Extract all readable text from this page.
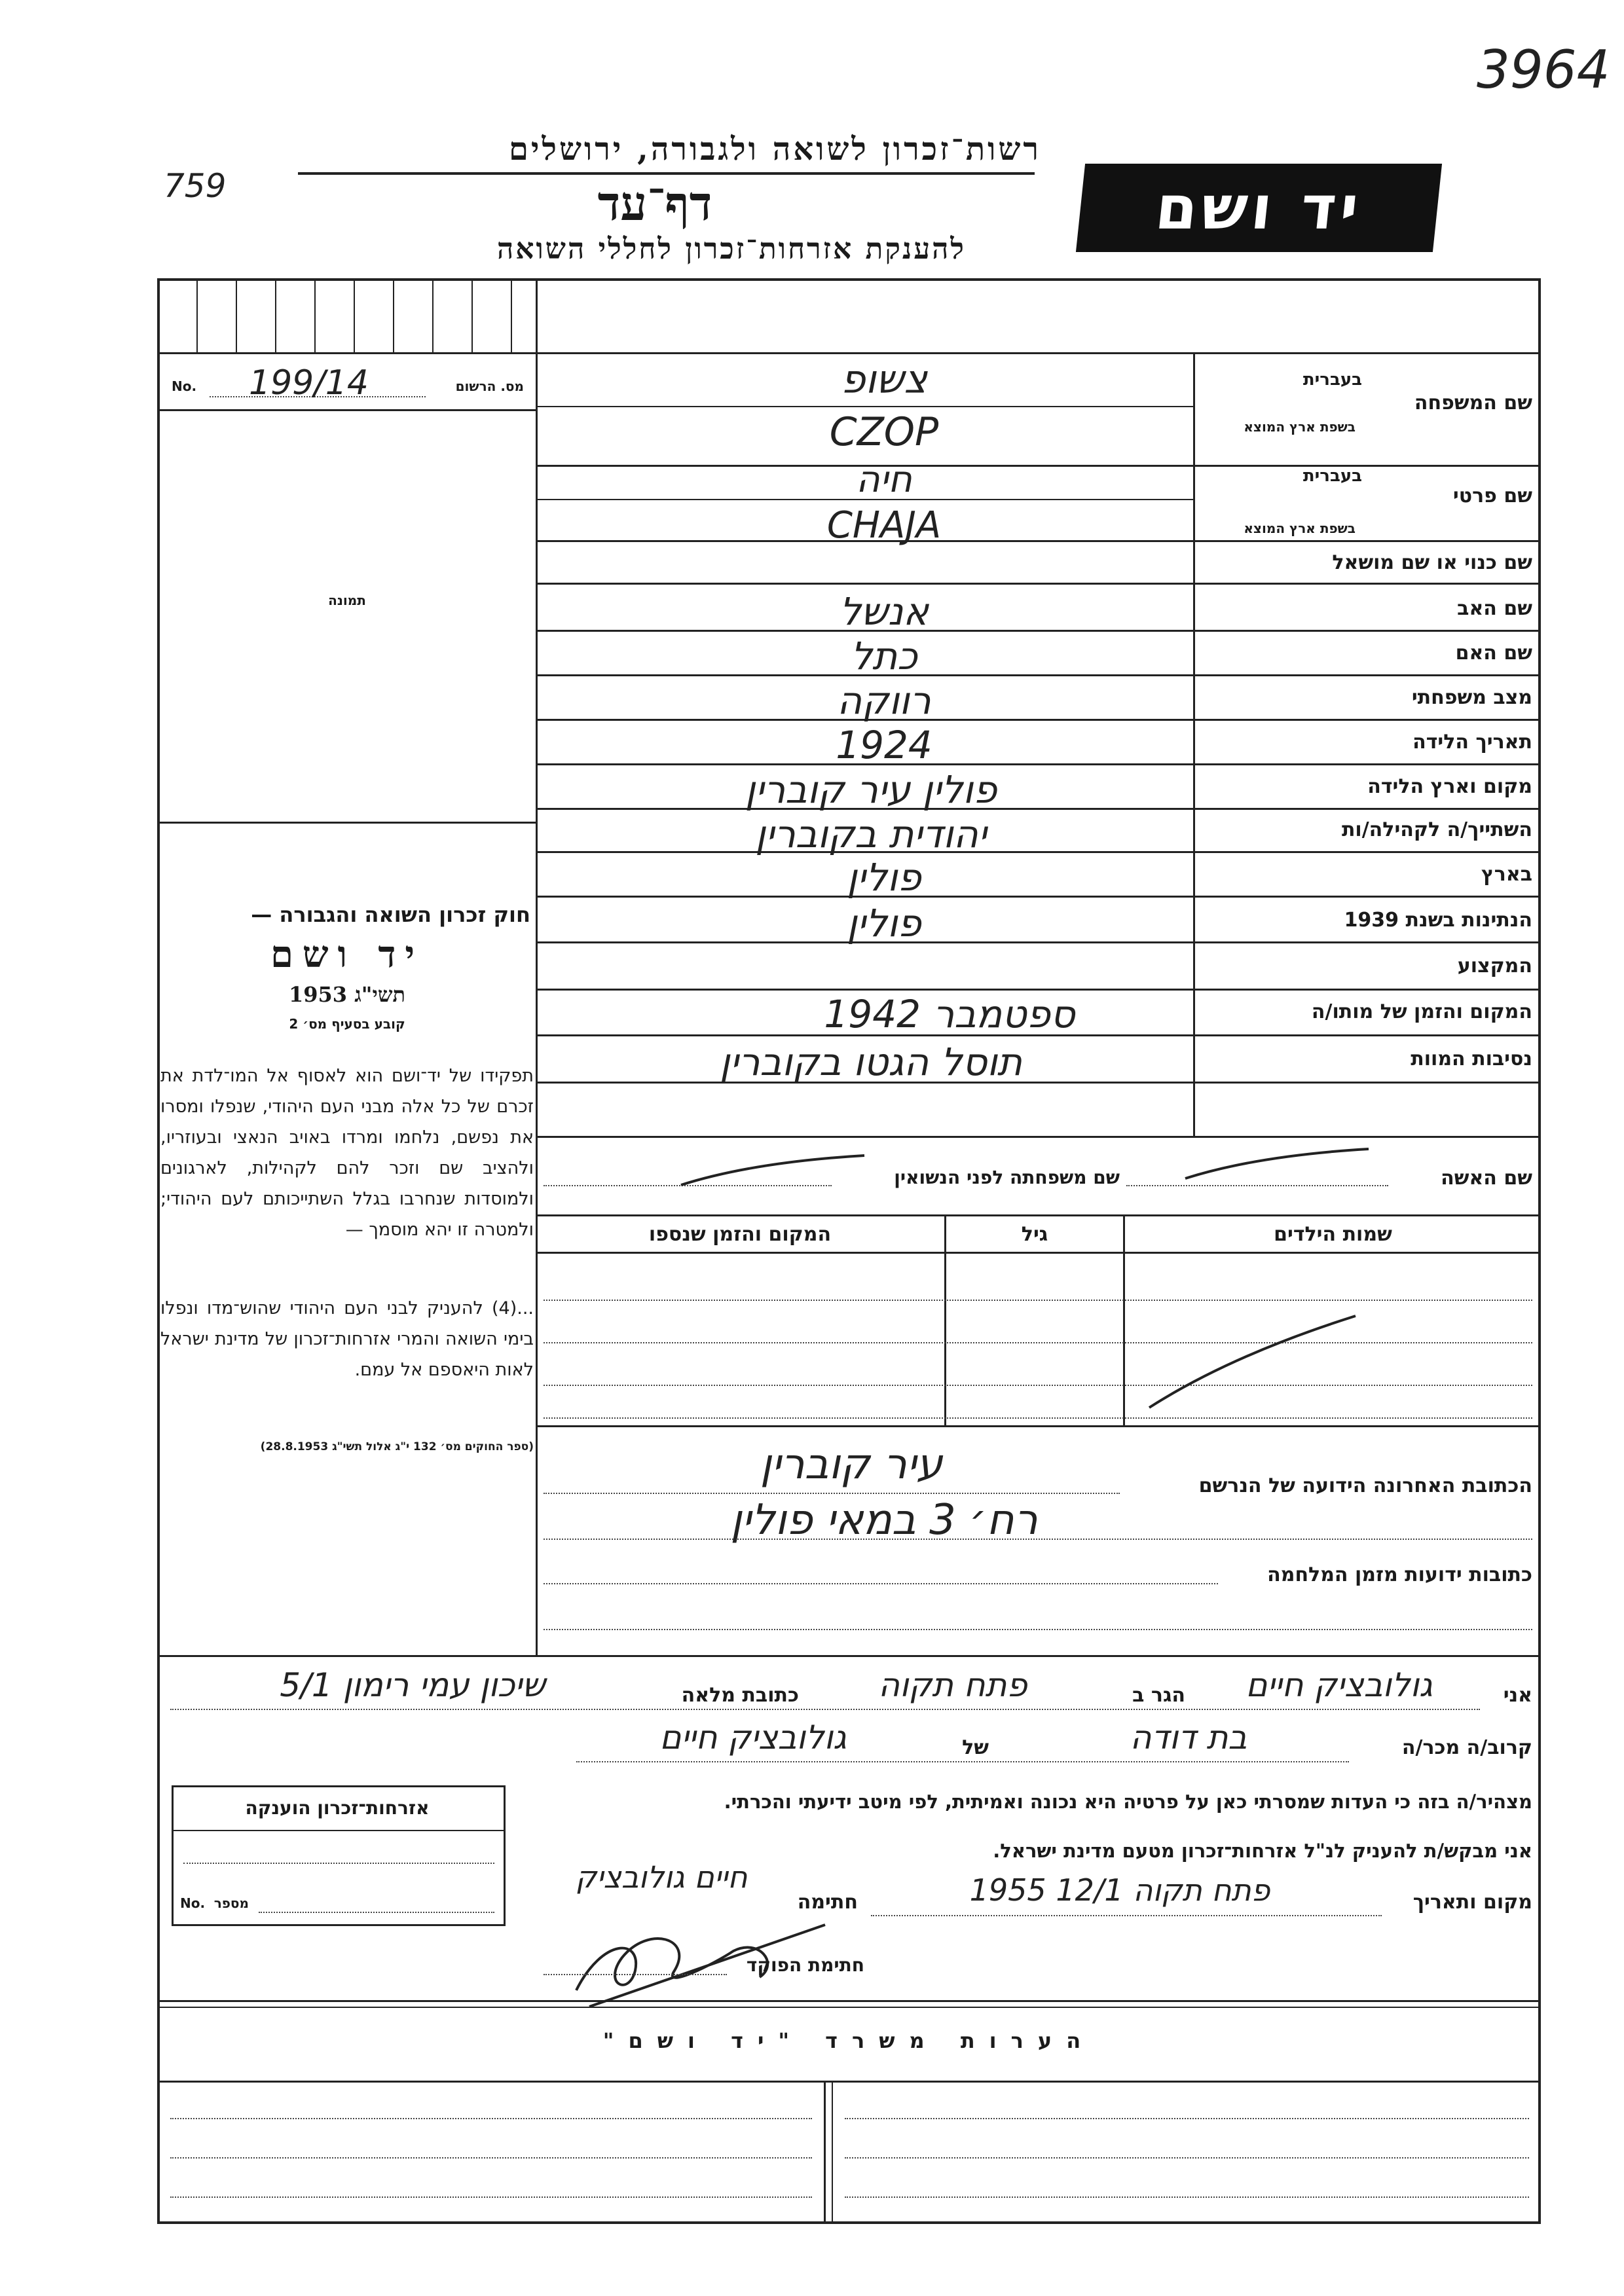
3964
759
רשות־זכרון לשואה ולגבורה, ירושלים
דף־עד
להענקת אזרחות־זכרון לחללי השואה
יד ושם
מס. הרשום
No. 199/14
תמונה
חוק זכרון השואה והגבורה —
יד ושם
תשי"ג 1953
קובע בסעיף מס׳ 2
תפקידו של יד־ושם הוא לאסוף אל המו־לדת את זכרם של כל אלה מבני העם היהודי, שנפלו ומסרו את נפשם, נלחמו ומרדו באויב הנאצי ובעוזריו, ולהציב שם וזכר להם לקהילות, לארגונים ולמוסדות שנחרבו בגלל השתייכותם לעם היהודי; ולמטרה זו יהא מוסמך —
...(4) להעניק לבני העם היהודי שהוש־מדו ונפלו בימי השואה והמרי אזרחות־זכרון של מדינת ישראל לאות היאספם אל עמם.
(ספר החוקים מס׳ 132 י"ג אלול תשי"ג 28.8.1953)
שם המשפחה
בעברית
בשפת ארץ המוצא
צשופ
CZOP
שם פרטי
בעברית
בשפת ארץ המוצא
חיה
CHAJA
שם כנוי או שם מושאל
שם האב
אנשל
שם האם
כתל
מצב משפחתי
רווקה
תאריך הלידה
1924
מקום וארץ הלידה
פולין עיר קוברין
השתייך/ה לקהילה/ות
יהודית בקוברין
בארץ
פולין
הנתינות בשנת 1939
פולין
המקצוע
המקום והזמן של מותו/ה
ספטמבר 1942
נסיבות המוות
תוסל הגטו בקוברין
שם האשה
שם משפחתה לפני הנשואין
שמות הילדים
גיל
המקום והזמן שנספו
הכתובת האחרונה הידועה של הנרשם
עיר קוברין
רח׳ 3 במאי פולין
כתובות ידועות מזמן המלחמה
אני
גולובציק חיים
הגר ב
פתח תקוה
כתובת מלאה
שיכון עמי רימון 5/1
קרוב/ה מכר/ה
בת דודה
של
גולובציק חיים
מצהיר/ה בזה כי העדות שמסרתי כאן על פרטיה היא נכונה ואמיתית, לפי מיטב ידיעתי והכרתי.
אני מבקש/ת להעניק לנ"ל אזרחות־זכרון מטעם מדינת ישראל.
מקום ותאריך
פתח תקוה 12/1 1955
חתימה
חיים גולובציק
חתימת הפוקד
אזרחות־זכרון הוענקה
No. מספר
הערות משרד "יד ושם"
